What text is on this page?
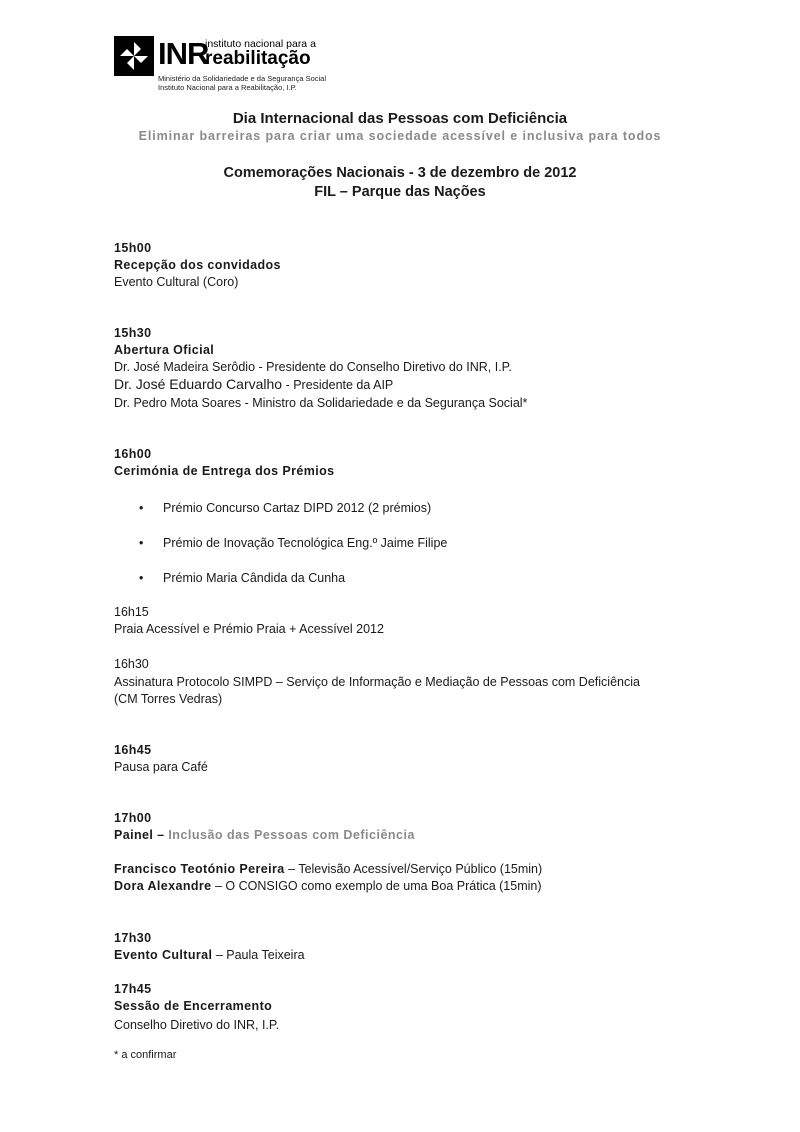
INR
instituto nacional para a
reabilitação
Ministério da Solidariedade e da Segurança Social
Instituto Nacional para a Reabilitação, I.P.
Dia Internacional das Pessoas com Deficiência
Eliminar barreiras para criar uma sociedade acessível e inclusiva para todos
Comemorações Nacionais - 3 de dezembro de 2012
FIL – Parque das Nações
15h00
Recepção dos convidados
Evento Cultural (Coro)
15h30
Abertura Oficial
Dr. José Madeira Serôdio - Presidente do Conselho Diretivo do INR, I.P.
Dr. José Eduardo Carvalho - Presidente da AIP
Dr. Pedro Mota Soares - Ministro da Solidariedade e da Segurança Social*
16h00
Cerimónia de Entrega dos Prémios
• Prémio Concurso Cartaz DIPD 2012 (2 prémios)
• Prémio de Inovação Tecnológica Eng.º Jaime Filipe
• Prémio Maria Cândida da Cunha
16h15
Praia Acessível e Prémio Praia + Acessível 2012
16h30
Assinatura Protocolo SIMPD – Serviço de Informação e Mediação de Pessoas com Deficiência
(CM Torres Vedras)
16h45
Pausa para Café
17h00
Painel – Inclusão das Pessoas com Deficiência
Francisco Teotónio Pereira – Televisão Acessível/Serviço Público (15min)
Dora Alexandre – O CONSIGO como exemplo de uma Boa Prática (15min)
17h30
Evento Cultural – Paula Teixeira
17h45
Sessão de Encerramento
Conselho Diretivo do INR, I.P.
* a confirmar
